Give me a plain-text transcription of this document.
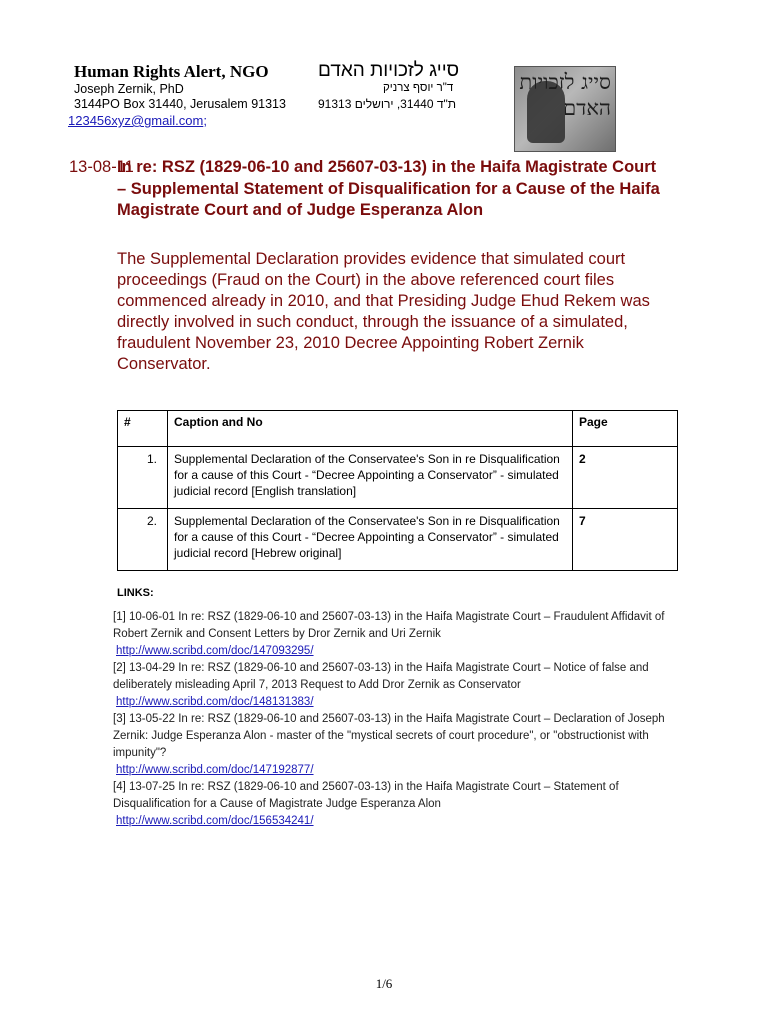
Human Rights Alert, NGO	סייג לזכויות האדם
Joseph Zernik, PhD	ד"ר יוסף צרניק
3144PO Box 31440, Jerusalem 91313	ת"ד 31440, ירושלים 91313
123456xyz@gmail.com;
סייג לזכויות האדם
13-08-11
In re: RSZ (1829-06-10 and 25607-03-13) in the Haifa Magistrate Court – Supplemental Statement of Disqualification for a Cause of the Haifa Magistrate Court and of Judge Esperanza Alon
The Supplemental Declaration provides evidence that simulated court proceedings (Fraud on the Court) in the above referenced court files commenced already in 2010, and that Presiding Judge Ehud Rekem was directly involved in such conduct, through the issuance of a simulated, fraudulent November 23, 2010 Decree Appointing Robert Zernik Conservator.
#	Caption and No	Page
1.	Supplemental Declaration of the Conservatee's Son in re Disqualification for a cause of this Court - “Decree Appointing a Conservator” - simulated judicial record [English translation]	2
2.	Supplemental Declaration of the Conservatee's Son in re Disqualification for a cause of this Court - “Decree Appointing a Conservator” - simulated judicial record [Hebrew original]	7
LINKS:
[1] 10-06-01 In re: RSZ (1829-06-10 and 25607-03-13) in the Haifa Magistrate Court – Fraudulent Affidavit of Robert Zernik and Consent Letters by Dror Zernik and Uri Zernik
http://www.scribd.com/doc/147093295/
[2] 13-04-29 In re: RSZ (1829-06-10 and 25607-03-13) in the Haifa Magistrate Court – Notice of false and deliberately misleading April 7, 2013 Request to Add Dror Zernik as Conservator
http://www.scribd.com/doc/148131383/
[3] 13-05-22 In re: RSZ (1829-06-10 and 25607-03-13) in the Haifa Magistrate Court – Declaration of Joseph Zernik: Judge Esperanza Alon - master of the "mystical secrets of court procedure", or "obstructionist with impunity"?
http://www.scribd.com/doc/147192877/
[4] 13-07-25 In re: RSZ (1829-06-10 and 25607-03-13) in the Haifa Magistrate Court – Statement of Disqualification for a Cause of Magistrate Judge Esperanza Alon
http://www.scribd.com/doc/156534241/
1/6
